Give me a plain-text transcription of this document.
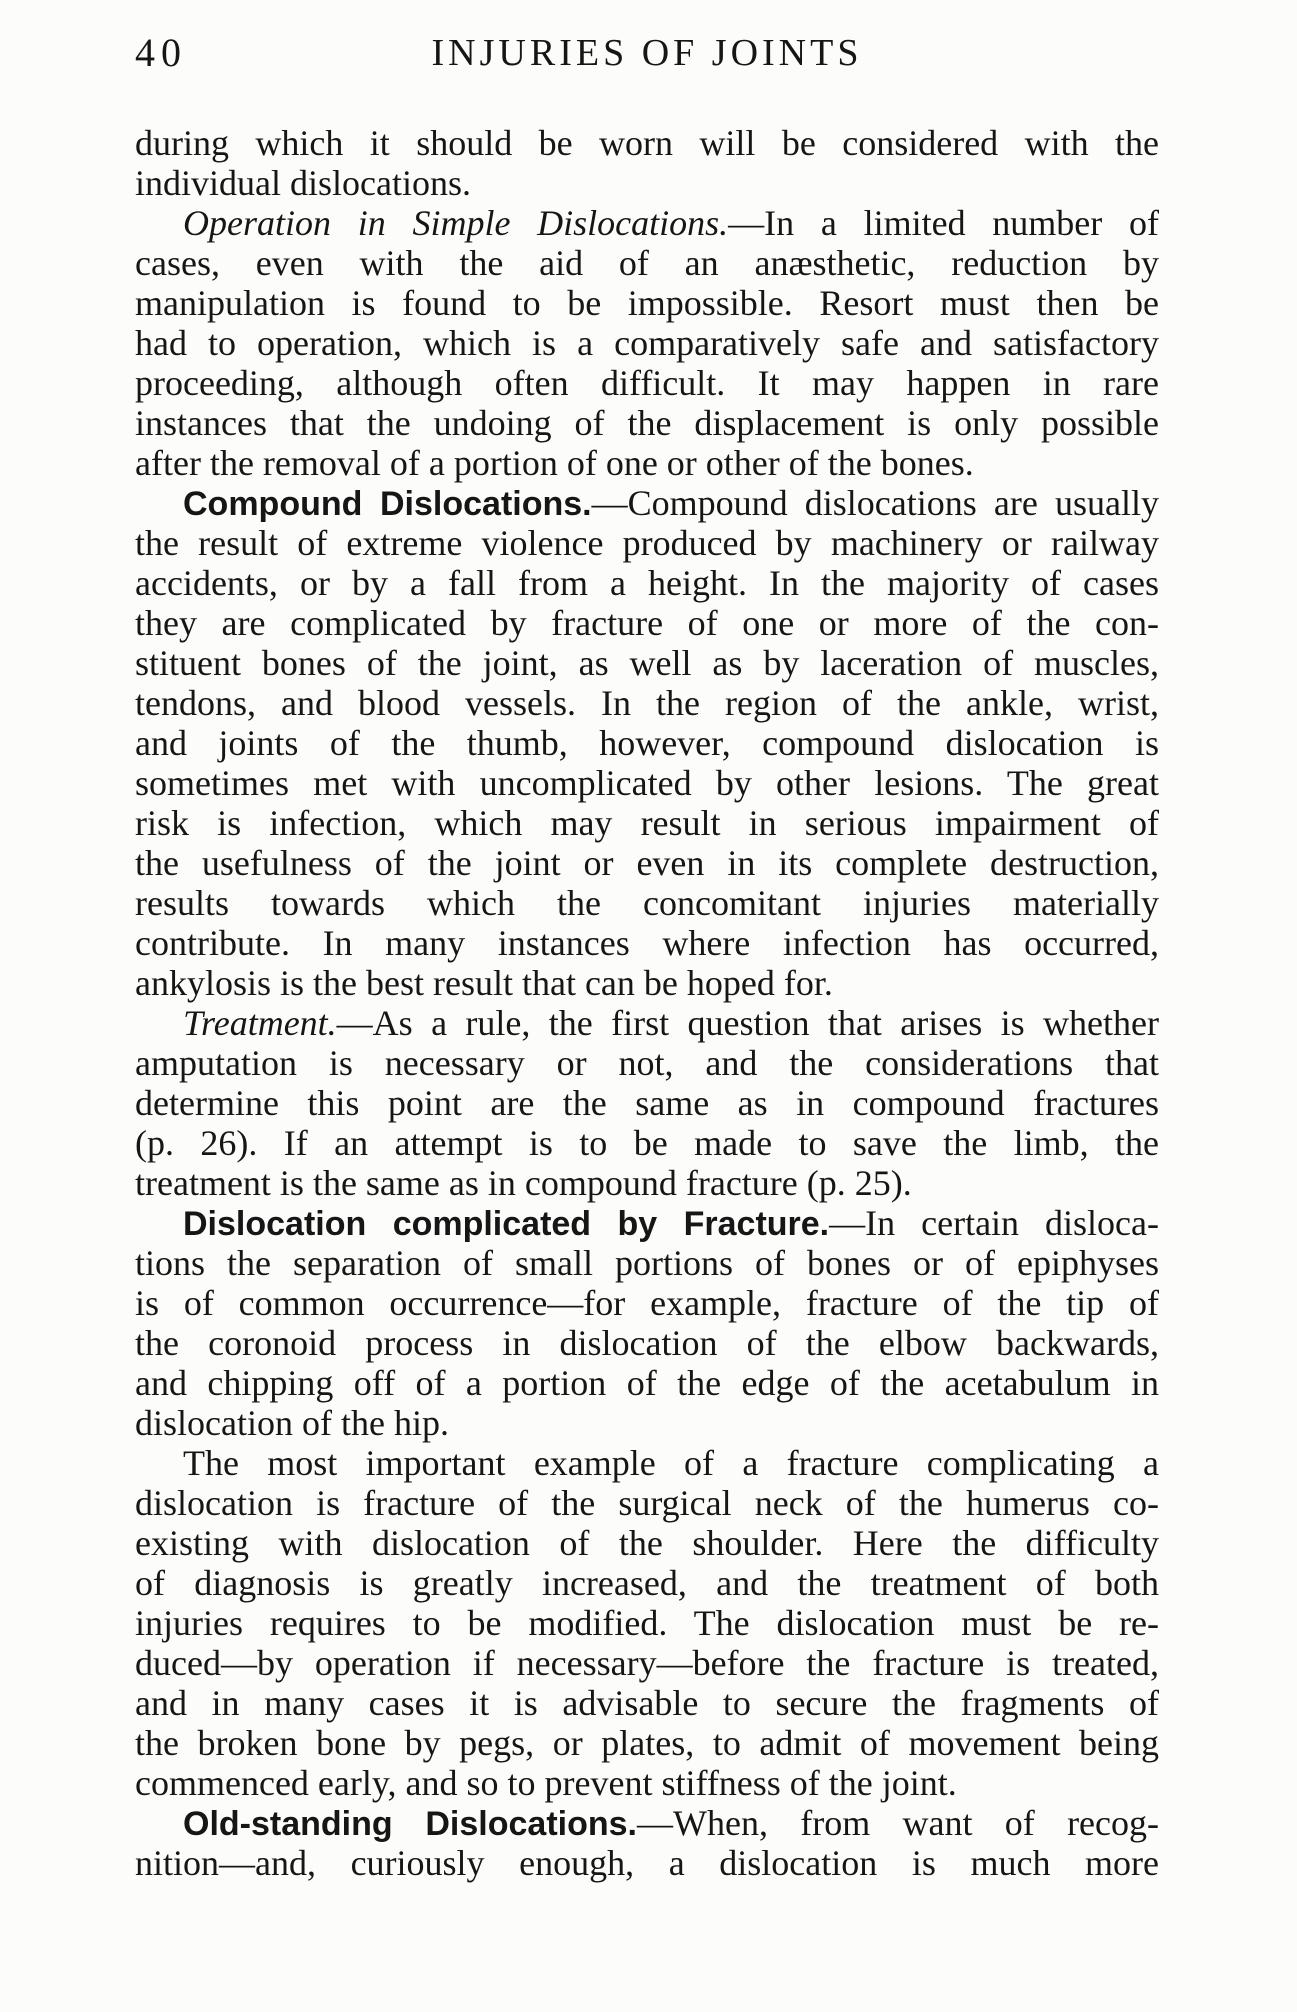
40	INJURIES OF JOINTS
during which it should be worn will be considered with the
individual dislocations.
Operation in Simple Dislocations.—In a limited number of
cases, even with the aid of an anæsthetic, reduction by
manipulation is found to be impossible. Resort must then be
had to operation, which is a comparatively safe and satisfactory
proceeding, although often difficult. It may happen in rare
instances that the undoing of the displacement is only possible
after the removal of a portion of one or other of the bones.
Compound Dislocations.—Compound dislocations are usually
the result of extreme violence produced by machinery or railway
accidents, or by a fall from a height. In the majority of cases
they are complicated by fracture of one or more of the con-
stituent bones of the joint, as well as by laceration of muscles,
tendons, and blood vessels. In the region of the ankle, wrist,
and joints of the thumb, however, compound dislocation is
sometimes met with uncomplicated by other lesions. The great
risk is infection, which may result in serious impairment of
the usefulness of the joint or even in its complete destruction,
results towards which the concomitant injuries materially
contribute. In many instances where infection has occurred,
ankylosis is the best result that can be hoped for.
Treatment.—As a rule, the first question that arises is whether
amputation is necessary or not, and the considerations that
determine this point are the same as in compound fractures
(p. 26). If an attempt is to be made to save the limb, the
treatment is the same as in compound fracture (p. 25).
Dislocation complicated by Fracture.—In certain disloca-
tions the separation of small portions of bones or of epiphyses
is of common occurrence—for example, fracture of the tip of
the coronoid process in dislocation of the elbow backwards,
and chipping off of a portion of the edge of the acetabulum in
dislocation of the hip.
The most important example of a fracture complicating a
dislocation is fracture of the surgical neck of the humerus co-
existing with dislocation of the shoulder. Here the difficulty
of diagnosis is greatly increased, and the treatment of both
injuries requires to be modified. The dislocation must be re-
duced—by operation if necessary—before the fracture is treated,
and in many cases it is advisable to secure the fragments of
the broken bone by pegs, or plates, to admit of movement being
commenced early, and so to prevent stiffness of the joint.
Old-standing Dislocations.—When, from want of recog-
nition—and, curiously enough, a dislocation is much more
